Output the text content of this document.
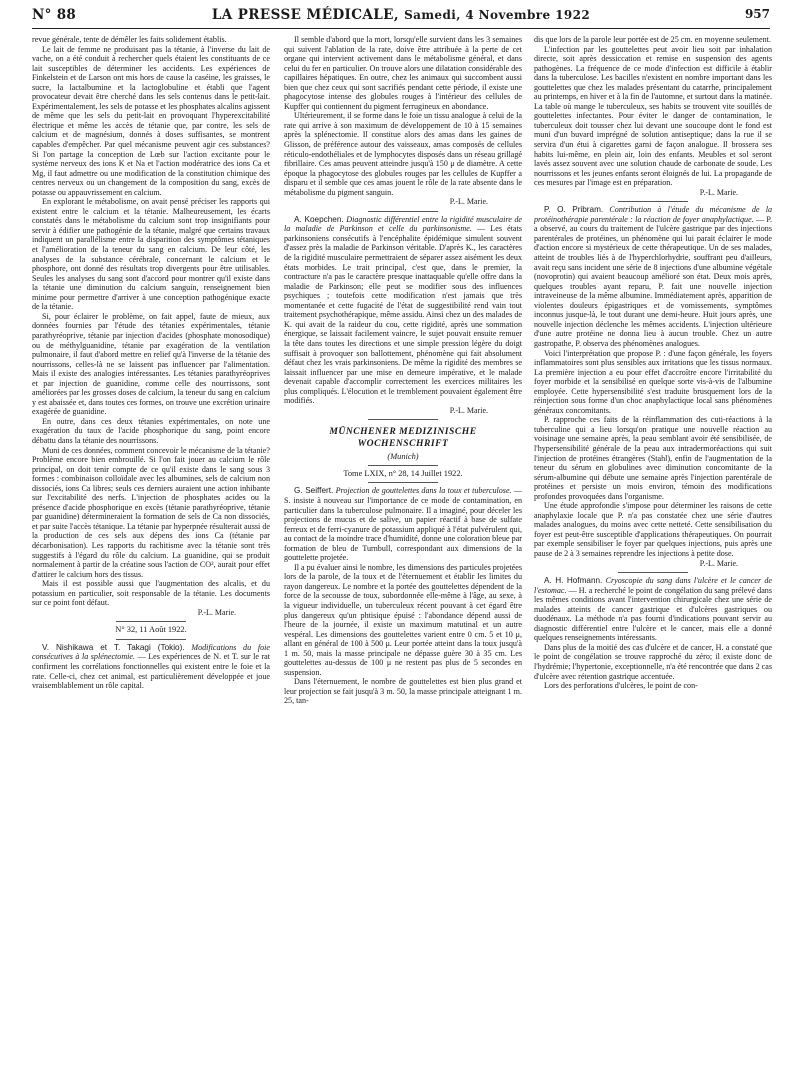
N° 88	LA PRESSE MÉDICALE, Samedi, 4 Novembre 1922	957

revue générale, tente de démêler les faits solidement établis.

Le lait de femme ne produisant pas la tétanie, à l'inverse du lait de vache, on a été conduit à rechercher quels étaient les constituants de ce lait susceptibles de déterminer les accidents. Les expériences de Finkelstein et de Larson ont mis hors de cause la caséine, les graisses, le sucre, la lactalbumine et la lactoglobuline et établi que l'agent provocateur devait être cherché dans les sels contenus dans le petit-lait. Expérimentalement, les sels de potasse et les phosphates alcalins agissent de même que les sels du petit-lait en provoquant l'hyperexcitabilité électrique et même les accès de tétanie que, par contre, les sels de calcium et de magnésium, donnés à doses suffisantes, se montrent capables d'empêcher. Par quel mécanisme peuvent agir ces substances? Si l'on partage la conception de Lœb sur l'action excitante pour le système nerveux des ions K et Na et l'action modératrice des ions Ca et Mg, il faut admettre ou une modification de la constitution chimique des centres nerveux ou un changement de la composition du sang, excès de potasse ou appauvrissement en calcium.

En explorant le métabolisme, on avait pensé préciser les rapports qui existent entre le calcium et la tétanie. Malheureusement, les écarts constatés dans le métabolisme du calcium sont trop insignifiants pour servir à édifier une pathogénie de la tétanie, malgré que certains travaux indiquent un parallélisme entre la disparition des symptômes tétaniques et l'amélioration de la teneur du sang en calcium. De leur côté, les analyses de la substance cérébrale, concernant le calcium et le phosphore, ont donné des résultats trop divergents pour être utilisables. Seules les analyses du sang sont d'accord pour montrer qu'il existe dans la tétanie une diminution du calcium sanguin, renseignement bien minime pour permettre d'arriver à une conception pathogénique exacte de la tétanie.

Si, pour éclairer le problème, on fait appel, faute de mieux, aux données fournies par l'étude des tétanies expérimentales, tétanie parathyréoprive, tétanie par injection d'acides (phosphate monosodique) ou de méthylguanidine, tétanie par exagération de la ventilation pulmonaire, il faut d'abord mettre en relief qu'à l'inverse de la tétanie des nourrissons, celles-là ne se laissent pas influencer par l'alimentation. Mais il existe des analogies intéressantes. Les tétanies parathyréoprives et par injection de guanidine, comme celle des nourrissons, sont améliorées par les grosses doses de calcium, la teneur du sang en calcium y est abaissée et, dans toutes ces formes, on trouve une excrétion urinaire exagérée de guanidine.

En outre, dans ces deux tétanies expérimentales, on note une exagération du taux de l'acide phosphorique du sang, point encore débattu dans la tétanie des nourrissons.

Muni de ces données, comment concevoir le mécanisme de la tétanie? Problème encore bien embrouillé. Si l'on fait jouer au calcium le rôle principal, on doit tenir compte de ce qu'il existe dans le sang sous 3 formes : combinaison colloïdale avec les albumines, sels de calcium non dissociés, ions Ca libres; seuls ces derniers auraient une action inhibante sur l'excitabilité des nerfs. L'injection de phosphates acides ou la présence d'acide phosphorique en excès (tétanie parathyréoprive, tétanie par guanidine) détermineraient la formation de sels de Ca non dissociés, et par suite l'accès tétanique. La tétanie par hyperpnée résulterait aussi de la production de ces sels aux dépens des ions Ca (tétanie par décarbonisation). Les rapports du rachitisme avec la tétanie sont très suggestifs à l'égard du rôle du calcium. La guanidine, qui se produit normalement à partir de la créatine sous l'action de CO², aurait pour effet d'attirer le calcium hors des tissus.

Mais il est possible aussi que l'augmentation des alcalis, et du potassium en particulier, soit responsable de la tétanie. Les documents sur ce point font défaut.

P.-L. Marie.
N° 32, 11 Août 1922.

V. Nishikawa et T. Takagi (Tokio). Modifications du foie consécutives à la splénectomie. — Les expériences de N. et T. sur le rat confirment les corrélations fonctionnelles qui existent entre le foie et la rate. Celle-ci, chez cet animal, est particulièrement développée et joue vraisemblablement un rôle capital.

Il semble d'abord que la mort, lorsqu'elle survient dans les 3 semaines qui suivent l'ablation de la rate, doive être attribuée à la perte de cet organe qui intervient activement dans le métabolisme général, et dans celui du fer en particulier. On trouve alors une dilatation considérable des capillaires hépatiques. En outre, chez les animaux qui succombent aussi bien que chez ceux qui sont sacrifiés pendant cette période, il existe une phagocytose intense des globules rouges à l'intérieur des cellules de Kupffer qui contiennent du pigment ferrugineux en abondance.

Ultérieurement, il se forme dans le foie un tissu analogue à celui de la rate qui arrive à son maximum de développement de 10 à 15 semaines après la splénectomie. Il constitue alors des amas dans les gaines de Glisson, de préférence autour des vaisseaux, amas composés de cellules réticulo-endothéliales et de lymphocytes disposés dans un réseau grillagé fibrillaire. Ces amas peuvent atteindre jusqu'à 150 μ de diamètre. A cette époque la phagocytose des globules rouges par les cellules de Kupffer a disparu et il semble que ces amas jouent le rôle de la rate absente dans le métabolisme du pigment sanguin.

P.-L. Marie.

A. Koepchen. Diagnostic différentiel entre la rigidité musculaire de la maladie de Parkinson et celle du parkinsonisme. — Les états parkinsoniens consécutifs à l'encéphalite épidémique simulent souvent d'assez près la maladie de Parkinson véritable. D'après K., les caractères de la rigidité musculaire permettraient de séparer assez aisément les deux états morbides. Le trait principal, c'est que, dans le premier, la contracture n'a pas le caractère presque inattaquable qu'elle offre dans la maladie de Parkinson; elle peut se modifier sous des influences psychiques ; toutefois cette modification n'est jamais que très momentanée et cette fugacité de l'état de suggestibilité rend vain tout traitement psychothérapique, même assidu. Ainsi chez un des malades de K. qui avait de la raideur du cou, cette rigidité, après une sommation énergique, se laissait facilement vaincre, le sujet pouvait ensuite remuer la tête dans toutes les directions et une simple pression légère du doigt suffisait à provoquer son ballottement, phénomène qui fait absolument défaut chez les vrais parkinsoniens. De même la rigidité des membres se laissait influencer par une mise en demeure impérative, et le malade devenait capable d'accomplir correctement les exercices militaires les plus compliqués. L'élocution et le tremblement pouvaient également être modifiés.

P.-L. Marie.
MÜNCHENER MEDIZINISCHE
WOCHENSCHRIFT
(Munich)
Tome LXIX, n° 28, 14 Juillet 1922.

G. Seiffert. Projection de gouttelettes dans la toux et tuberculose. — S. insiste à nouveau sur l'importance de ce mode de contamination, en particulier dans la tuberculose pulmonaire. Il a imaginé, pour déceler les projections de mucus et de salive, un papier réactif à base de sulfate ferreux et de ferri-cyanure de potassium appliqué à l'état pulvérulent qui, au contact de la moindre trace d'humidité, donne une coloration bleue par formation de bleu de Turnbull, correspondant aux dimensions de la gouttelette projetée.

Il a pu évaluer ainsi le nombre, les dimensions des particules projetées lors de la parole, de la toux et de l'éternuement et établir les limites du rayon dangereux. Le nombre et la portée des gouttelettes dépendent de la force de la secousse de toux, subordonnée elle-même à l'âge, au sexe, à la vigueur individuelle, un tuberculeux récent pouvant à cet égard être plus dangereux qu'un phtisique épuisé : l'abondance dépend aussi de l'heure de la journée, il existe un maximum matutinal et un autre vespéral. Les dimensions des gouttelettes varient entre 0 cm. 5 et 10 μ, allant en général de 100 à 500 μ. Leur portée atteint dans la toux jusqu'à 1 m. 50, mais la masse principale ne dépasse guère 30 à 35 cm. Les gouttelettes au-dessus de 100 μ ne restent pas plus de 5 secondes en suspension.

Dans l'éternuement, le nombre de gouttelettes est bien plus grand et leur projection se fait jusqu'à 3 m. 50, la masse principale atteignant 1 m. 25, tan-

dis que lors de la parole leur portée est de 25 cm. en moyenne seulement.

L'infection par les gouttelettes peut avoir lieu soit par inhalation directe, soit après dessiccation et remise en suspension des agents pathogènes. La fréquence de ce mode d'infection est difficile à établir dans la tuberculose. Les bacilles n'existent en nombre important dans les gouttelettes que chez les malades présentant du catarrhe, principalement au printemps, en hiver et à la fin de l'automne, et surtout dans la matinée. La table où mange le tuberculeux, ses habits se trouvent vite souillés de gouttelettes infectantes. Pour éviter le danger de contamination, le tuberculeux doit tousser chez lui devant une soucoupe dont le fond est muni d'un buvard imprégné de solution antiseptique; dans la rue il se servira d'un étui à cigarettes garni de façon analogue. Il brossera ses habits lui-même, en plein air, loin des enfants. Meubles et sol seront lavés assez souvent avec une solution chaude de carbonate de soude. Les nourrissons et les jeunes enfants seront éloignés de lui. La propagande de ces mesures par l'image est en préparation.

P.-L. Marie.

P. O. Pribram. Contribution à l'étude du mécanisme de la protéinothérapie parentérale : la réaction de foyer anaphylactique. — P. a observé, au cours du traitement de l'ulcère gastrique par des injections parentérales de protéines, un phénomène qui lui parait éclairer le mode d'action encore si mystérieux de cette thérapeutique. Un de ses malades, atteint de troubles liés à de l'hyperchlorhydrie, souffrant peu d'ailleurs, avait reçu sans incident une série de 8 injections d'une albumine végétale (novoprotin) qui avaient beaucoup amélioré son état. Deux mois après, quelques troubles ayant reparu, P. fait une nouvelle injection intraveineuse de la même albumine. Immédiatement après, apparition de violentes douleurs épigastriques et de vomissements, symptômes inconnus jusque-là, le tout durant une demi-heure. Huit jours après, une nouvelle injection déclenche les mêmes accidents. L'injection ultérieure d'une autre protéine ne donna lieu à aucun trouble. Chez un autre gastropathe, P. observa des phénomènes analogues.

Voici l'interprétation que propose P. : d'une façon générale, les foyers inflammatoires sont plus sensibles aux irritations que les tissus normaux. La première injection a eu pour effet d'accroître encore l'irritabilité du foyer morbide et la sensibilisé en quelque sorte vis-à-vis de l'albumine employée. Cette hypersensibilité s'est traduite brusquement lors de la réinjection sous forme d'un choc anaphylactique local sans phénomènes généraux concomitants.

P. rapproche ces faits de la réinflammation des cuti-réactions à la tuberculine qui a lieu lorsqu'on pratique une nouvelle réaction au voisinage une semaine après, la peau semblant avoir été sensibilisée, de l'hypersensibilité générale de la peau aux intradermoréactions qui suit l'injection de protéines étrangères (Stahl), enfin de l'augmentation de la teneur du sérum en globulines avec diminution concomitante de la sérum-albumine qui débute une semaine après l'injection parentérale de protéines et persiste un mois environ, témoin des modifications profondes provoquées dans l'organisme.

Une étude approfondie s'impose pour déterminer les raisons de cette anaphylaxie locale que P. n'a pas constatée chez une série d'autres malades analogues, du moins avec cette netteté. Cette sensibilisation du foyer est peut-être susceptible d'applications thérapeutiques. On pourrait par exemple sensibiliser le foyer par quelques injections, puis après une pause de 2 à 3 semaines reprendre les injections à petite dose.

P.-L. Marie.

A. H. Hofmann. Cryoscopie du sang dans l'ulcère et le cancer de l'estomac. — H. a recherché le point de congélation du sang prélevé dans les mêmes conditions avant l'intervention chirurgicale chez une série de malades atteints de cancer gastrique et d'ulcères gastriques ou duodénaux. La méthode n'a pas fourni d'indications pouvant servir au diagnostic différentiel entre l'ulcère et le cancer, mais elle a donné quelques renseignements intéressants.

Dans plus de la moitié des cas d'ulcère et de cancer, H. a constaté que le point de congélation se trouve rapproché du zéro; il existe donc de l'hydrémie; l'hypertonie, exceptionnelle, n'a été rencontrée que dans 2 cas d'ulcère avec rétention gastrique accentuée.

Lors des perforations d'ulcères, le point de con-
